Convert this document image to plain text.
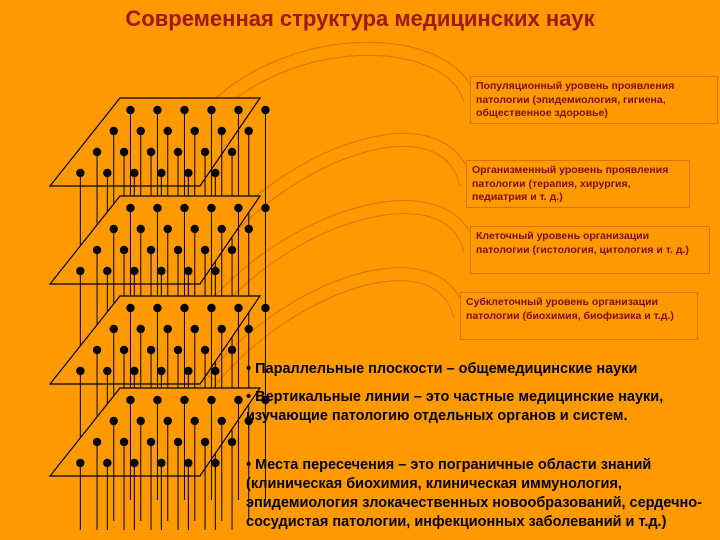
Современная структура медицинских наук
Популяционный уровень проявления патологии (эпидемиология, гигиена, общественное здоровье)
Организменный уровень проявления патологии (терапия, хирургия, педиатрия и т. д.)
Клеточный уровень организации патологии (гистология, цитология и т. д.)
Субклеточный уровень организации патологии (биохимия, биофизика и т.д.)
• Параллельные плоскости – общемедицинские науки
• Вертикальные линии – это частные медицинские науки, изучающие патологию отдельных органов и систем.
• Места пересечения – это пограничные области знаний (клиническая биохимия, клиническая иммунология, эпидемиология злокачественных новообразований, сердечно-сосудистая патологии, инфекционных заболеваний и т.д.)
